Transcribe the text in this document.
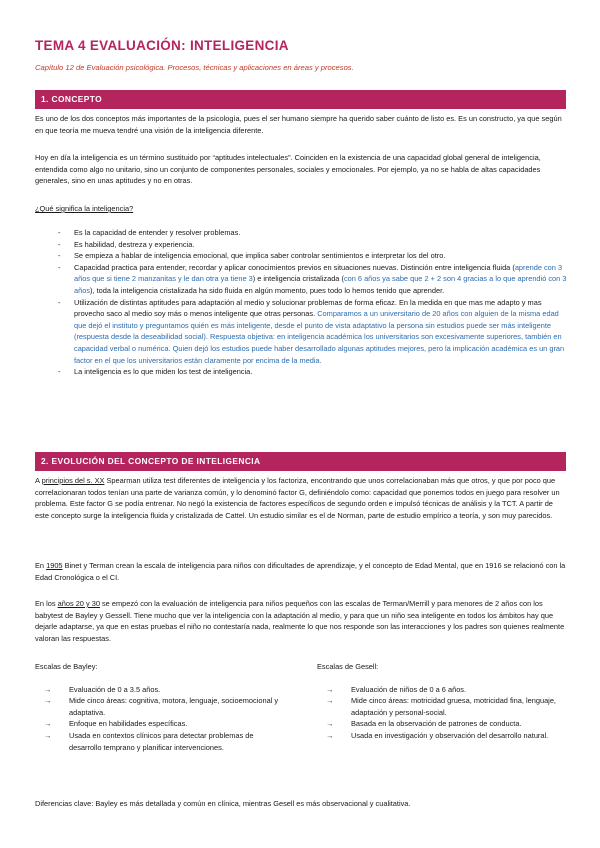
TEMA 4 EVALUACIÓN: INTELIGENCIA
Capítulo 12 de Evaluación psicológica. Procesos, técnicas y aplicaciones en áreas y procesos.
1. CONCEPTO
Es uno de los dos conceptos más importantes de la psicología, pues el ser humano siempre ha querido saber cuánto de listo es. Es un constructo, ya que según en que teoría me mueva tendré una visión de la inteligencia diferente.
Hoy en día la inteligencia es un término sustituido por “aptitudes intelectuales”. Coinciden en la existencia de una capacidad global general de inteligencia, entendida como algo no unitario, sino un conjunto de componentes personales, sociales y emocionales. Por ejemplo, ya no se habla de altas capacidades generales, sino en unas aptitudes y no en otras.
¿Qué significa la inteligencia?
- Es la capacidad de entender y resolver problemas.
- Es habilidad, destreza y experiencia.
- Se empieza a hablar de inteligencia emocional, que implica saber controlar sentimientos e interpretar los del otro.
- Capacidad practica para entender, recordar y aplicar conocimientos previos en situaciones nuevas. Distinción entre inteligencia fluida (aprende con 3 años que si tiene 2 manzanitas y le dan otra ya tiene 3) e inteligencia cristalizada (con 6 años ya sabe que 2 + 2 son 4 gracias a lo que aprendió con 3 años), toda la inteligencia cristalizada ha sido fluida en algún momento, pues todo lo hemos tenido que aprender.
- Utilización de distintas aptitudes para adaptación al medio y solucionar problemas de forma eficaz. En la medida en que mas me adapto y mas provecho saco al medio soy más o menos inteligente que otras personas. Comparamos a un universitario de 20 años con alguien de la misma edad que dejó el instituto y preguntamos quién es más inteligente, desde el punto de vista adaptativo la persona sin estudios puede ser más inteligente (respuesta desde la deseabilidad social). Respuesta objetiva: en inteligencia académica los universitarios son excesivamente superiores, también en capacidad verbal o numérica. Quien dejó los estudios puede haber desarrollado algunas aptitudes mejores, pero la implicación académica es un gran factor en el que los universitarios están claramente por encima de la media.
- La inteligencia es lo que miden los test de inteligencia.
2. EVOLUCIÓN DEL CONCEPTO DE INTELIGENCIA
A principios del s. XX Spearman utiliza test diferentes de inteligencia y los factoriza, encontrando que unos correlacionaban más que otros, y que por poco que correlacionaran todos tenían una parte de varianza común, y lo denominó factor G, definiéndolo como: capacidad que ponemos todos en juego para resolver un problema. Este factor G se podía entrenar. No negó la existencia de factores específicos de segundo orden e impulsó técnicas de análisis y la TCT. A partir de este concepto surge la inteligencia fluida y cristalizada de Cattel. Un estudio similar es el de Norman, parte de estudio empírico a teoría, y son muy parecidos.
En 1905 Binet y Terman crean la escala de inteligencia para niños con dificultades de aprendizaje, y el concepto de Edad Mental, que en 1916 se relacionó con la Edad Cronológica o el CI.
En los años 20 y 30 se empezó con la evaluación de inteligencia para niños pequeños con las escalas de Terman/Merrill y para menores de 2 años con los babytest de Bayley y Gessell. Tiene mucho que ver la inteligencia con la adaptación al medio, y para que un niño sea inteligente en todos los ámbitos hay que dejarle adaptarse, ya que en estas pruebas el niño no contestaría nada, realmente lo que nos responde son las interacciones y los padres son quienes realmente valoran las respuestas.
Escalas de Bayley:
→ Evaluación de 0 a 3.5 años.
→ Mide cinco áreas: cognitiva, motora, lenguaje, socioemocional y adaptativa.
→ Enfoque en habilidades específicas.
→ Usada en contextos clínicos para detectar problemas de desarrollo temprano y planificar intervenciones.
Escalas de Gesell:
→ Evaluación de niños de 0 a 6 años.
→ Mide cinco áreas: motricidad gruesa, motricidad fina, lenguaje, adaptación y personal-social.
→ Basada en la observación de patrones de conducta.
→ Usada en investigación y observación del desarrollo natural.
Diferencias clave: Bayley es más detallada y común en clínica, mientras Gesell es más observacional y cualitativa.
